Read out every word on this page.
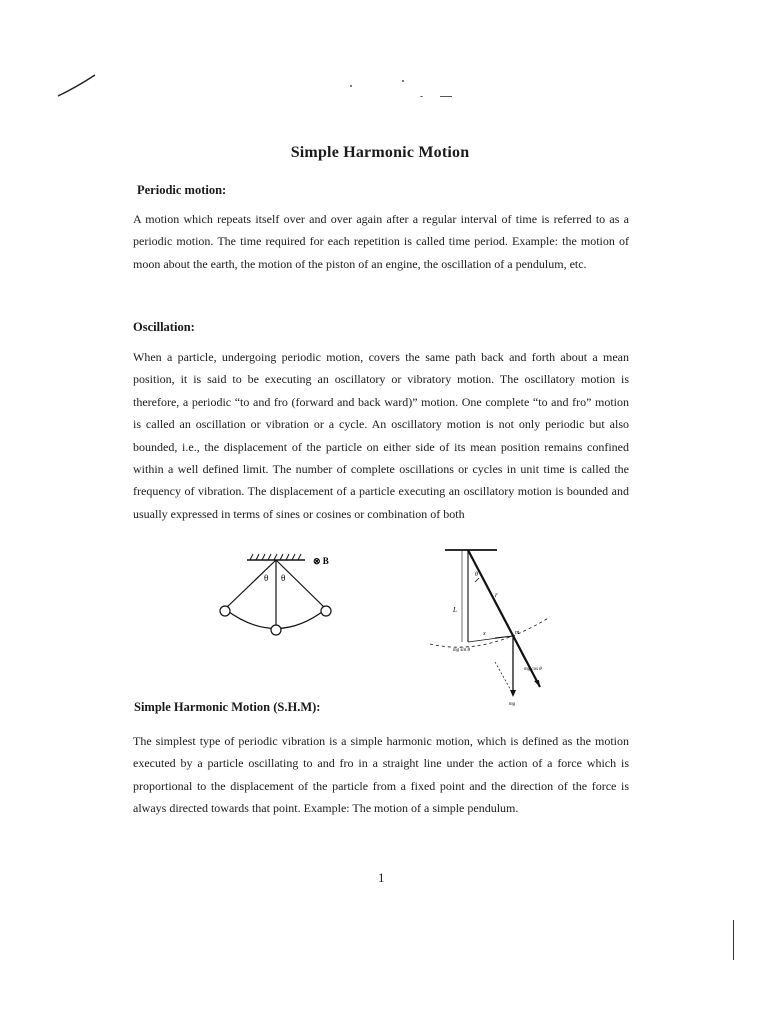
Simple Harmonic Motion
Periodic motion:

A motion which repeats itself over and over again after a regular interval of time is referred to as a periodic motion. The time required for each repetition is called time period. Example: the motion of moon about the earth, the motion of the piston of an engine, the oscillation of a pendulum, etc.

Oscillation:

When a particle, undergoing periodic motion, covers the same path back and forth about a mean position, it is said to be executing an oscillatory or vibratory motion. The oscillatory motion is therefore, a periodic “to and fro (forward and back ward)” motion. One complete “to and fro” motion is called an oscillation or vibration or a cycle. An oscillatory motion is not only periodic but also bounded, i.e., the displacement of the particle on either side of its mean position remains confined within a well defined limit. The number of complete oscillations or cycles in unit time is called the frequency of vibration. The displacement of a particle executing an oscillatory motion is bounded and usually expressed in terms of sines or cosines or combination of both

θ θ
⊗ B
θ
r
L
x	m
mg sin θ
mg cos θ
mg
Simple Harmonic Motion (S.H.M):

The simplest type of periodic vibration is a simple harmonic motion, which is defined as the motion executed by a particle oscillating to and fro in a straight line under the action of a force which is proportional to the displacement of the particle from a fixed point and the direction of the force is always directed towards that point. Example: The motion of a simple pendulum.

1
